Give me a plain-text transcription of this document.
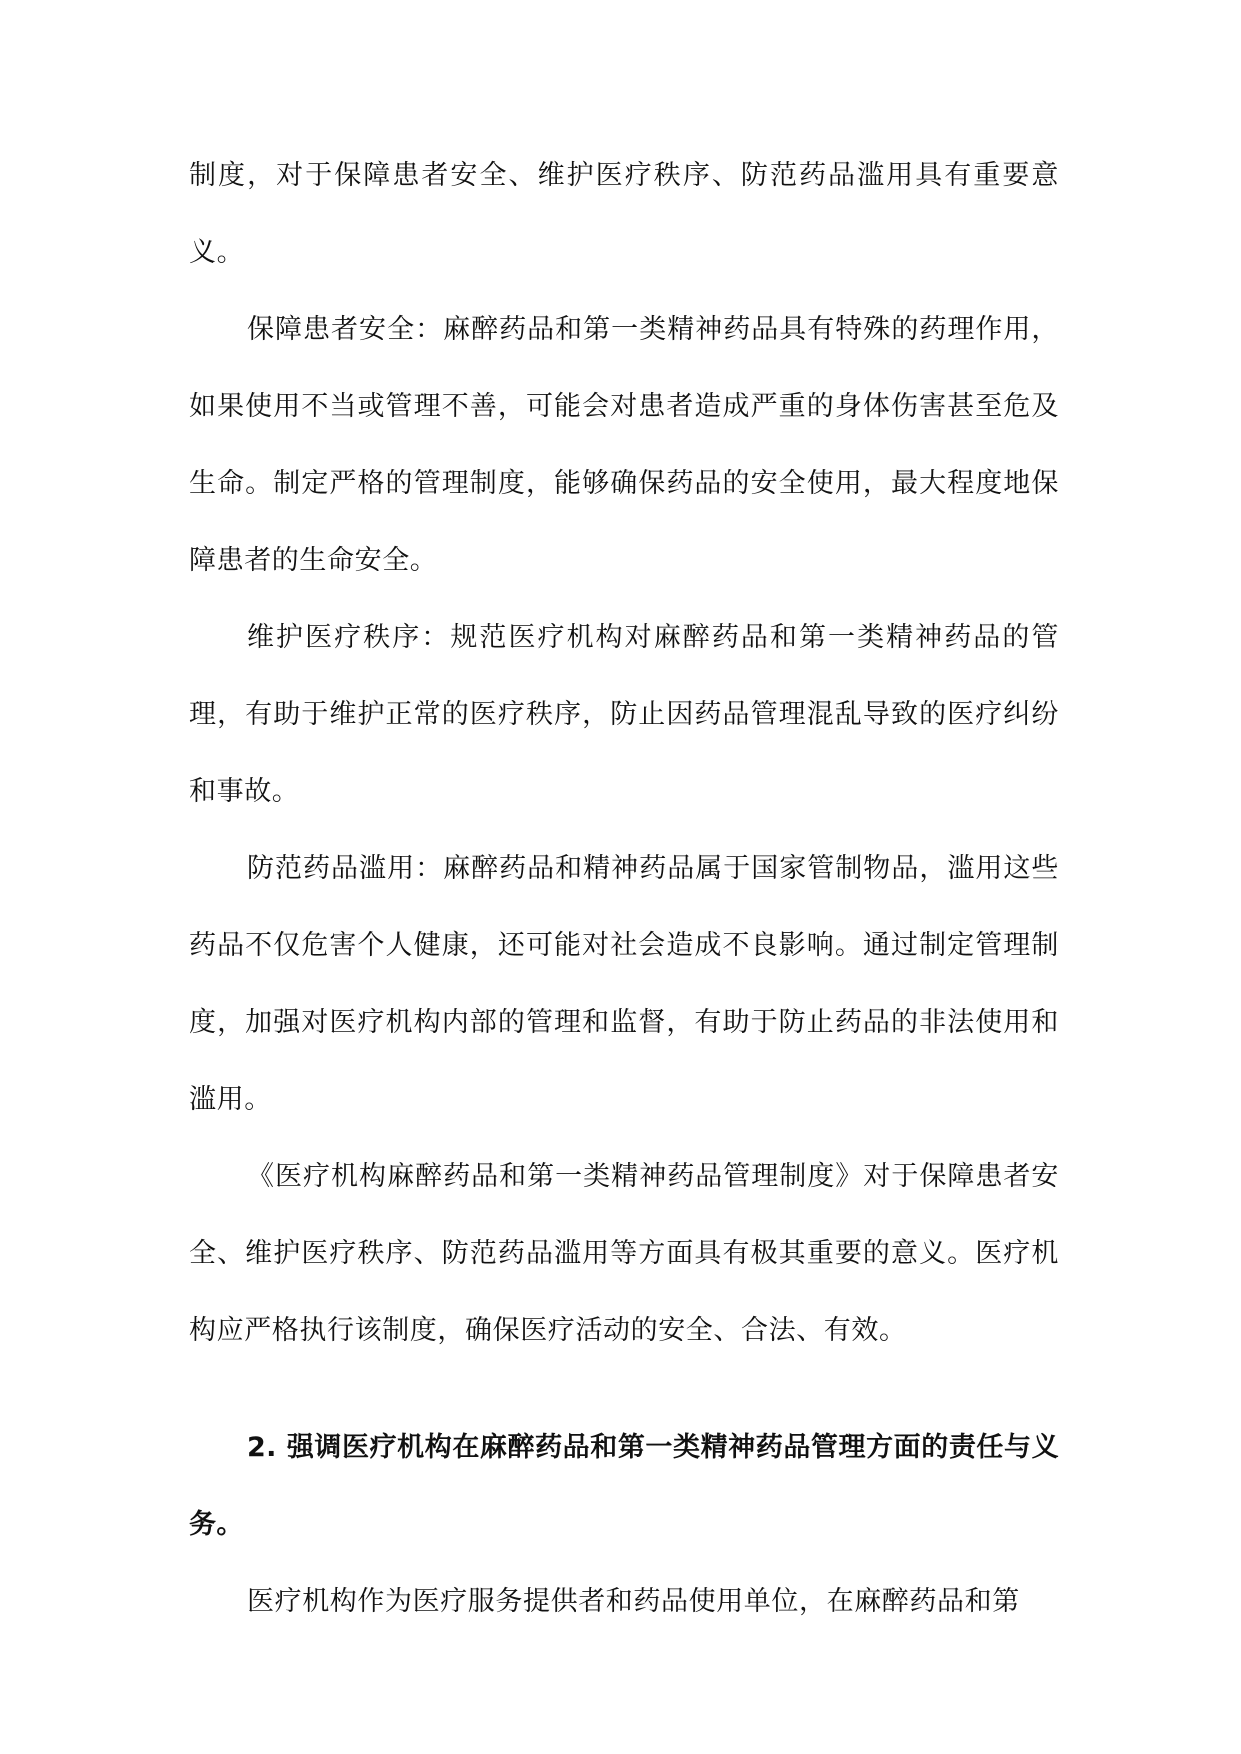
制度，对于保障患者安全、维护医疗秩序、防范药品滥用具有重要意义。

保障患者安全：麻醉药品和第一类精神药品具有特殊的药理作用，如果使用不当或管理不善，可能会对患者造成严重的身体伤害甚至危及生命。制定严格的管理制度，能够确保药品的安全使用，最大程度地保障患者的生命安全。

维护医疗秩序：规范医疗机构对麻醉药品和第一类精神药品的管理，有助于维护正常的医疗秩序，防止因药品管理混乱导致的医疗纠纷和事故。

防范药品滥用：麻醉药品和精神药品属于国家管制物品，滥用这些药品不仅危害个人健康，还可能对社会造成不良影响。通过制定管理制度，加强对医疗机构内部的管理和监督，有助于防止药品的非法使用和滥用。

《医疗机构麻醉药品和第一类精神药品管理制度》对于保障患者安全、维护医疗秩序、防范药品滥用等方面具有极其重要的意义。医疗机构应严格执行该制度，确保医疗活动的安全、合法、有效。

2. 强调医疗机构在麻醉药品和第一类精神药品管理方面的责任与义务。

医疗机构作为医疗服务提供者和药品使用单位，在麻醉药品和第
